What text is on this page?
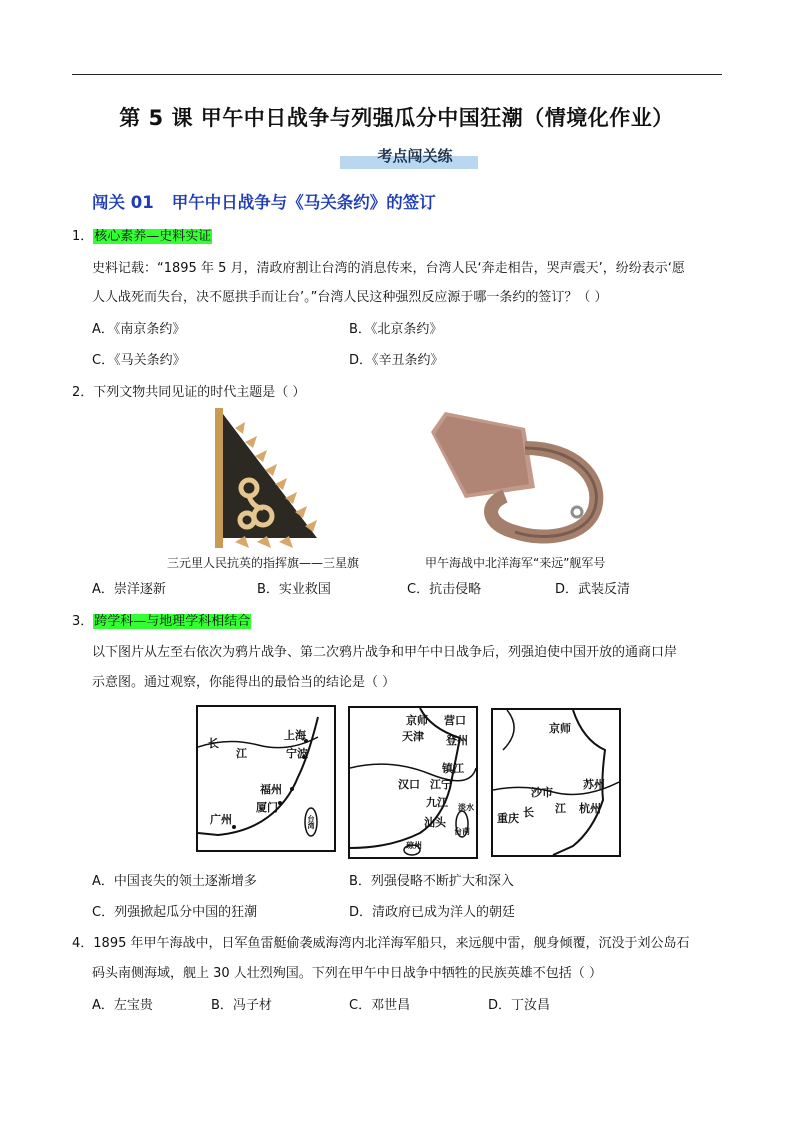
第 5 课 甲午中日战争与列强瓜分中国狂潮（情境化作业）
考点闯关练
闯关 01 甲午中日战争与《马关条约》的签订
1．核心素养—史料实证
史料记载：“1895 年 5 月，清政府割让台湾的消息传来，台湾人民‘奔走相告，哭声震天’，纷纷表示‘愿
人人战死而失台，决不愿拱手而让台’。”台湾人民这种强烈反应源于哪一条约的签订？（ ）
A．《南京条约》	B．《北京条约》
C．《马关条约》	D．《辛丑条约》
2．下列文物共同见证的时代主题是（ ）
三元里人民抗英的指挥旗——三星旗	甲午海战中北洋海军“来远”舰军号
A．崇洋逐新	B．实业救国	C．抗击侵略	D．武装反清
3．跨学科—与地理学科相结合
以下图片从左至右依次为鸦片战争、第二次鸦片战争和甲午中日战争后，列强迫使中国开放的通商口岸
示意图。通过观察，你能得出的最恰当的结论是（ ）
长
江
上海
宁波
福州
厦门
广州	台湾
京师
天津
营口
登州
镇江
汉口 江宁
九江 淡水
汕头
台南
琼州
京师
沙市
苏州
长 江 杭州
重庆
A．中国丧失的领土逐渐增多	B．列强侵略不断扩大和深入
C．列强掀起瓜分中国的狂潮	D．清政府已成为洋人的朝廷
4．1895 年甲午海战中，日军鱼雷艇偷袭威海湾内北洋海军船只，来远舰中雷，舰身倾覆，沉没于刘公岛石
码头南侧海域，舰上 30 人壮烈殉国。下列在甲午中日战争中牺牲的民族英雄不包括（ ）
A．左宝贵	B．冯子材	C．邓世昌	D．丁汝昌
